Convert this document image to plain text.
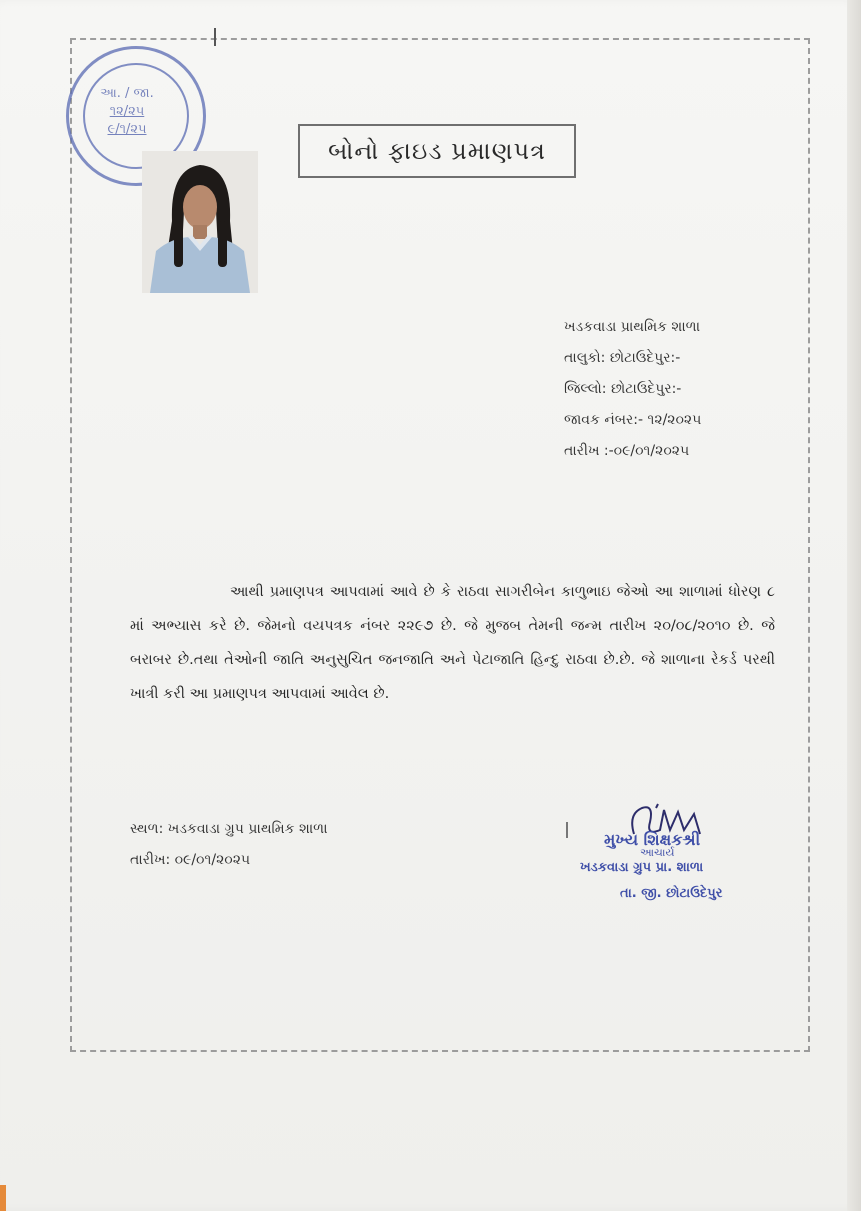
આ. / જા.
૧૨/૨૫
૯/૧/૨૫
બોનો ફાઇડ પ્રમાણપત્ર
ખડકવાડા પ્રાથમિક શાળા
તાલુકો: છોટાઉદેપુર:-
જિલ્લો: છોટાઉદેપુર:-
જાવક નંબર:- ૧૨/૨૦૨૫
તારીખ :-૦૯/૦૧/૨૦૨૫
આથી પ્રમાણપત્ર આપવામાં આવે છે કે રાઠવા સાગરીબેન કાળુભાઇ જેઓ આ શાળામાં ધોરણ ૮ માં અભ્યાસ કરે છે. જેમનો વયપત્રક નંબર ૨૨૯૭ છે. જે મુજબ તેમની જન્મ તારીખ ૨૦/૦૮/૨૦૧૦ છે. જે બરાબર છે.તથા તેઓની જાતિ અનુસુચિત જનજાતિ અને પેટાજાતિ હિન્દુ રાઠવા છે.છે. જે શાળાના રેકર્ડ પરથી ખાત્રી કરી આ પ્રમાણપત્ર આપવામાં આવેલ છે.
સ્થળ: ખડકવાડા ગ્રુપ પ્રાથમિક શાળા
તારીખ: ૦૯/૦૧/૨૦૨૫
મુખ્ય શિક્ષકશ્રી
આચાર્ય
ખડકવાડા ગ્રુપ પ્રા. શાળા
તા. જી. છોટાઉદેપુર
